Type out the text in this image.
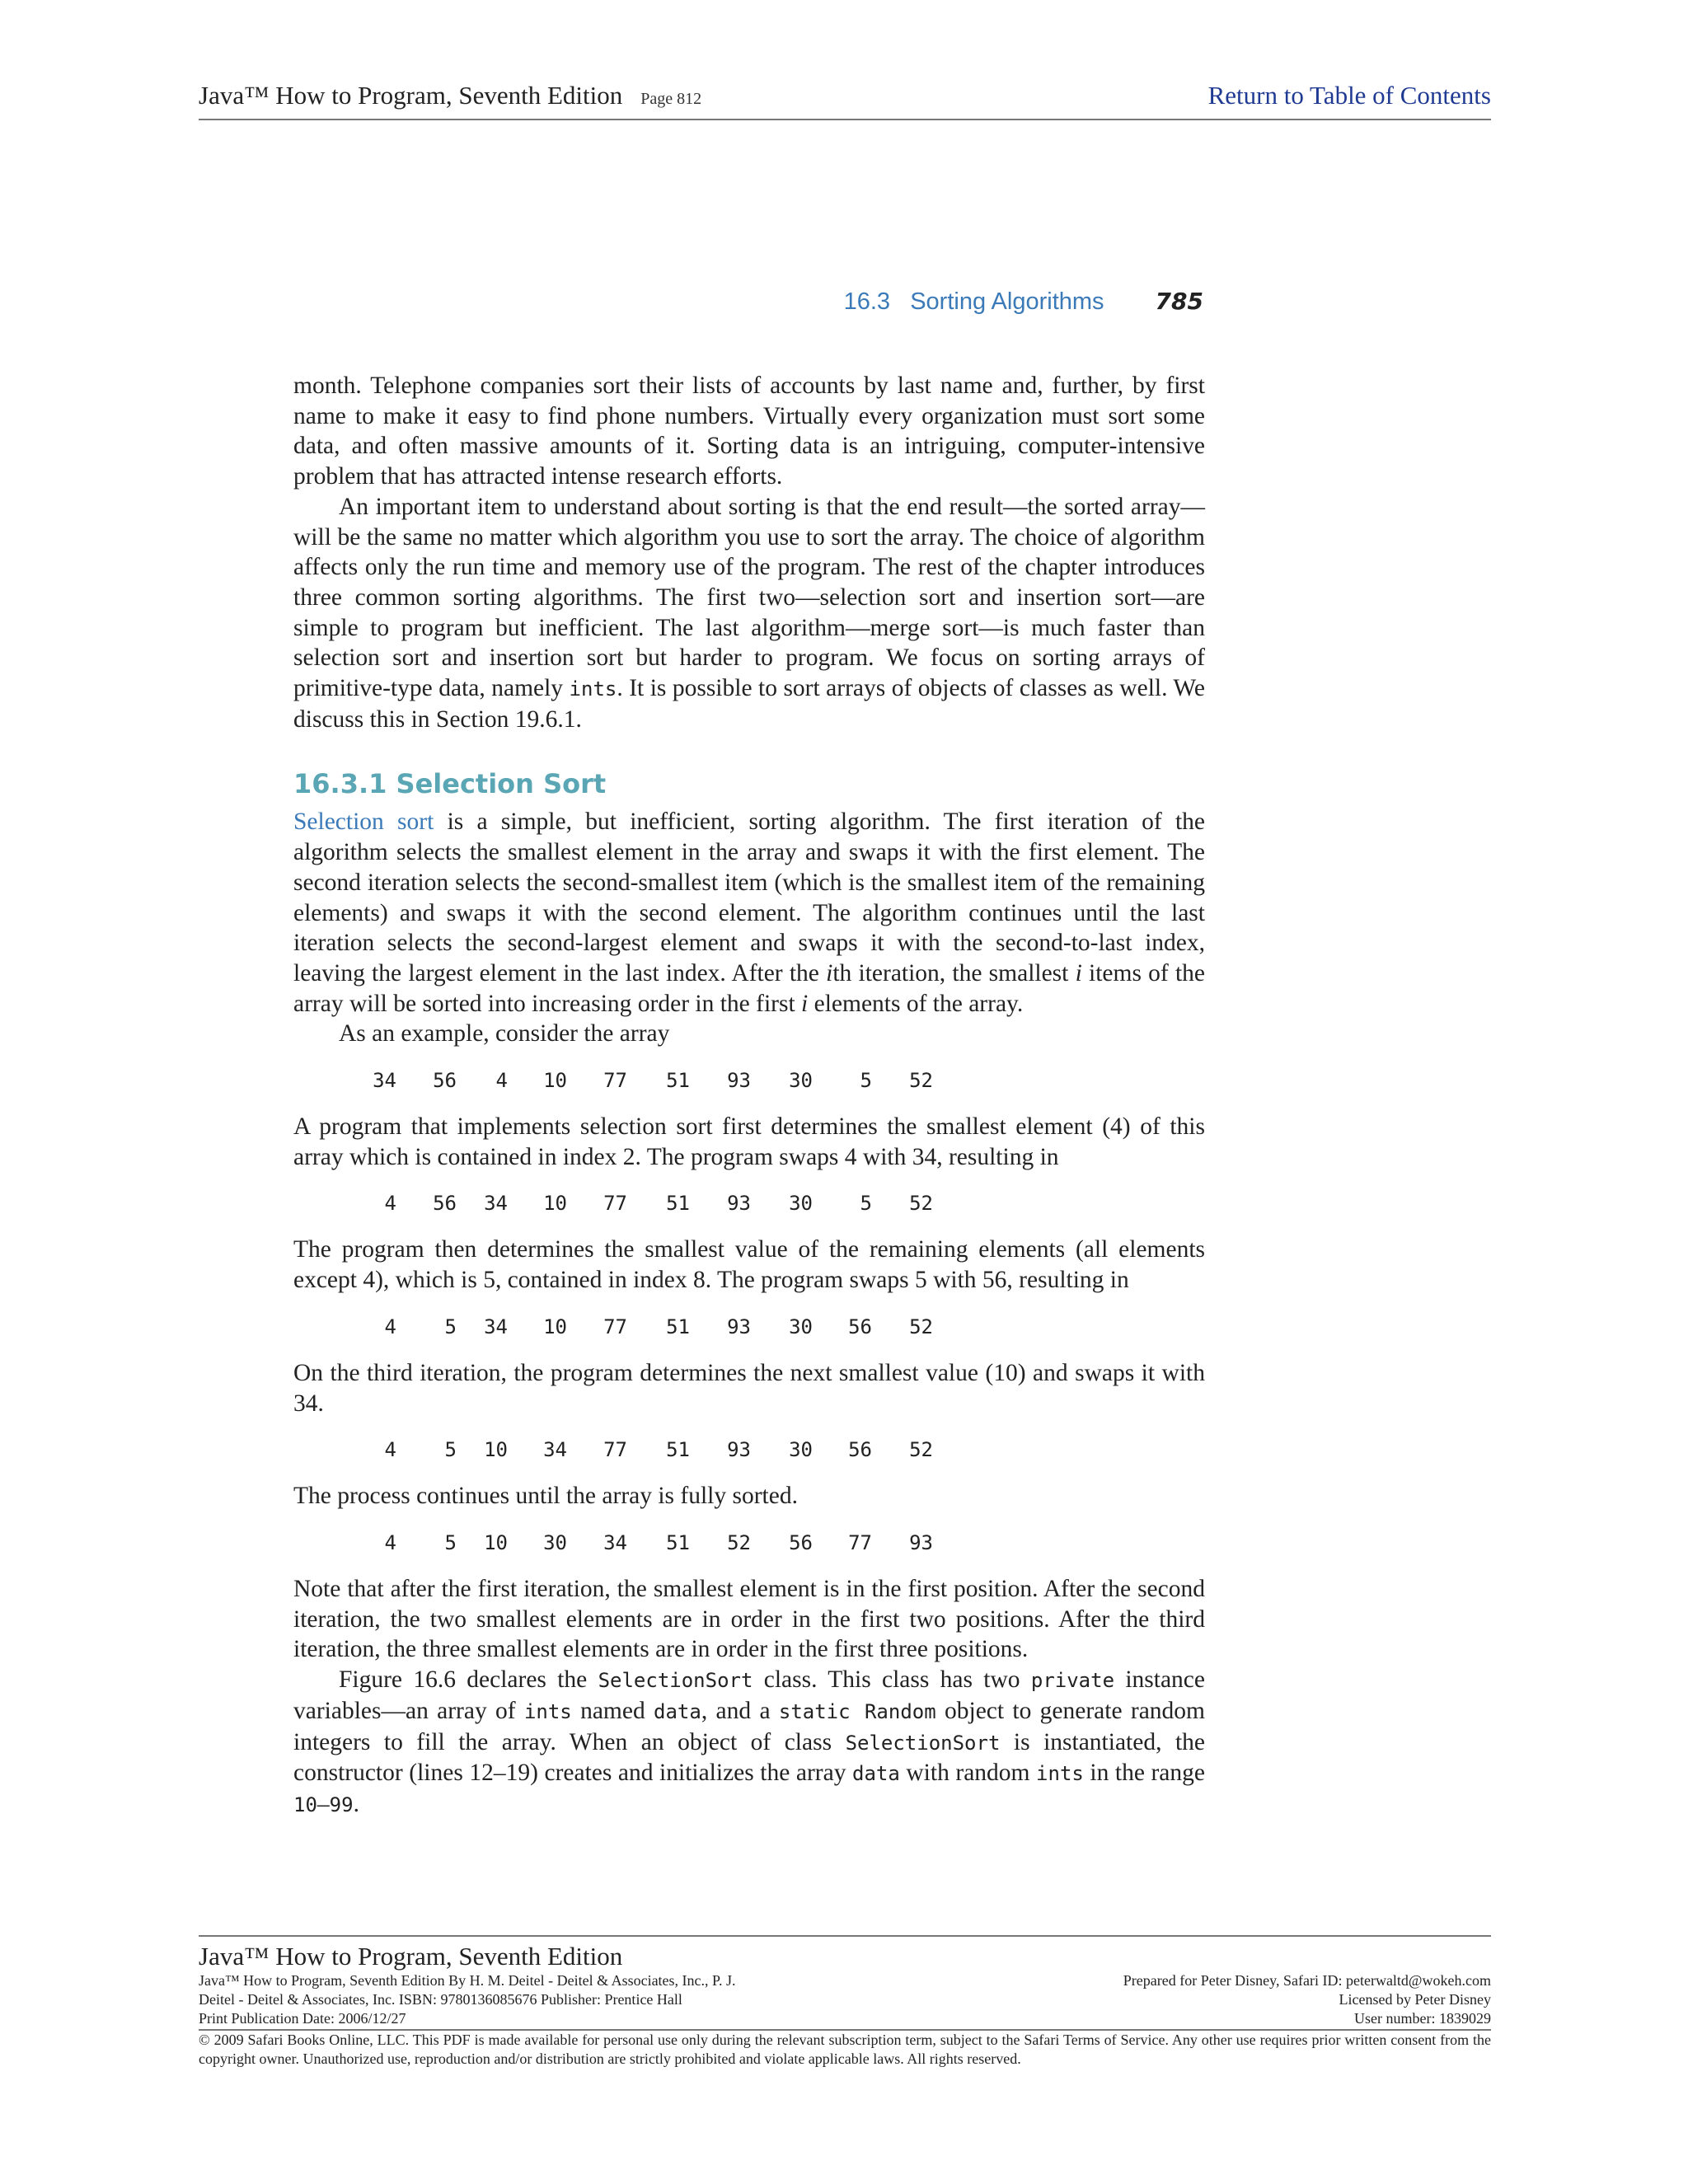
Java™ How to Program, Seventh Edition Page 812	Return to Table of Contents
16.3   Sorting Algorithms 785

month. Telephone companies sort their lists of accounts by last name and, further, by first name to make it easy to find phone numbers. Virtually every organization must sort some data, and often massive amounts of it. Sorting data is an intriguing, computer-intensive problem that has attracted intense research efforts.

An important item to understand about sorting is that the end result—the sorted array—will be the same no matter which algorithm you use to sort the array. The choice of algorithm affects only the run time and memory use of the program. The rest of the chapter introduces three common sorting algorithms. The first two—selection sort and insertion sort—are simple to program but inefficient. The last algorithm—merge sort—is much faster than selection sort and insertion sort but harder to program. We focus on sorting arrays of primitive-type data, namely ints. It is possible to sort arrays of objects of classes as well. We discuss this in Section 19.6.1.

16.3.1 Selection Sort

Selection sort is a simple, but inefficient, sorting algorithm. The first iteration of the algorithm selects the smallest element in the array and swaps it with the first element. The second iteration selects the second-smallest item (which is the smallest item of the remaining elements) and swaps it with the second element. The algorithm continues until the last iteration selects the second-largest element and swaps it with the second-to-last index, leaving the largest element in the last index. After the ith iteration, the smallest i items of the array will be sorted into increasing order in the first i elements of the array.

As an example, consider the array

34	56	4	10	77	51	93	30	5	52

A program that implements selection sort first determines the smallest element (4) of this array which is contained in index 2. The program swaps 4 with 34, resulting in

4	56	34	10	77	51	93	30	5	52

The program then determines the smallest value of the remaining elements (all elements except 4), which is 5, contained in index 8. The program swaps 5 with 56, resulting in

4	5	34	10	77	51	93	30	56	52

On the third iteration, the program determines the next smallest value (10) and swaps it with 34.

4	5	10	34	77	51	93	30	56	52

The process continues until the array is fully sorted.

4	5	10	30	34	51	52	56	77	93

Note that after the first iteration, the smallest element is in the first position. After the second iteration, the two smallest elements are in order in the first two positions. After the third iteration, the three smallest elements are in order in the first three positions.

Figure 16.6 declares the SelectionSort class. This class has two private instance variables—an array of ints named data, and a static Random object to generate random integers to fill the array. When an object of class SelectionSort is instantiated, the constructor (lines 12–19) creates and initializes the array data with random ints in the range 10–99.

Java™ How to Program, Seventh Edition
Java™ How to Program, Seventh Edition By H. M. Deitel - Deitel & Associates, Inc., P. J.	Prepared for Peter Disney, Safari ID: peterwaltd@wokeh.com
Deitel - Deitel & Associates, Inc. ISBN: 9780136085676 Publisher: Prentice Hall	Licensed by Peter Disney
Print Publication Date: 2006/12/27	User number: 1839029
© 2009 Safari Books Online, LLC. This PDF is made available for personal use only during the relevant subscription term, subject to the Safari Terms of Service. Any other use requires prior written consent from the copyright owner. Unauthorized use, reproduction and/or distribution are strictly prohibited and violate applicable laws. All rights reserved.
